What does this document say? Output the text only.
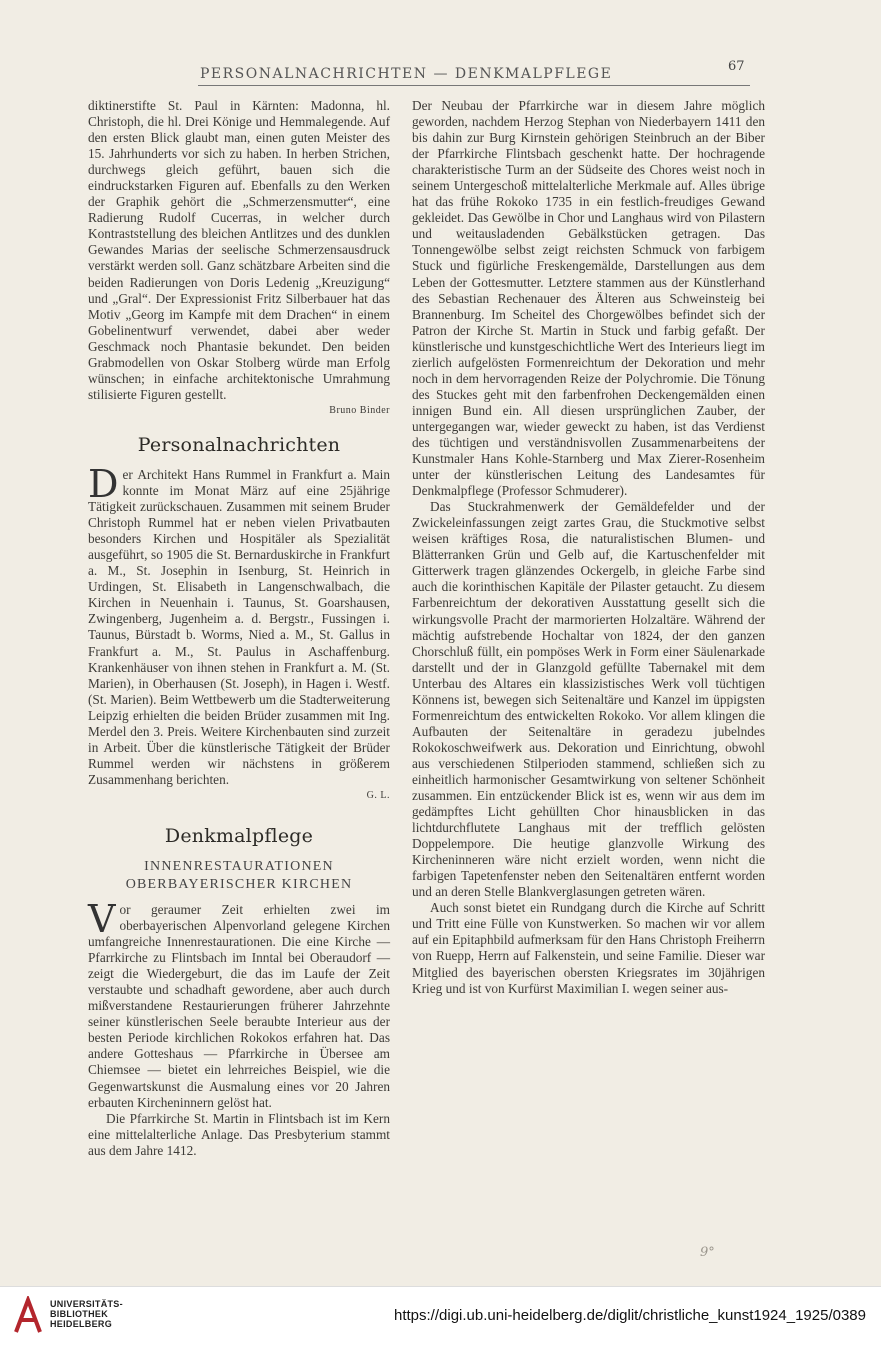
PERSONALNACHRICHTEN — DENKMALPFLEGE	67

diktinerstifte St. Paul in Kärnten: Madonna, hl. Christoph, die hl. Drei Könige und Hemmalegende. Auf den ersten Blick glaubt man, einen guten Meister des 15. Jahrhunderts vor sich zu haben. In herben Strichen, durchwegs gleich geführt, bauen sich die eindruckstarken Figuren auf. Ebenfalls zu den Werken der Graphik gehört die „Schmerzensmutter“, eine Radierung Rudolf Cucerras, in welcher durch Kontraststellung des bleichen Antlitzes und des dunklen Gewandes Marias der seelische Schmerzensausdruck verstärkt werden soll. Ganz schätzbare Arbeiten sind die beiden Radierungen von Doris Ledenig „Kreuzigung“ und „Gral“. Der Expressionist Fritz Silberbauer hat das Motiv „Georg im Kampfe mit dem Drachen“ in einem Gobelinentwurf verwendet, dabei aber weder Geschmack noch Phantasie bekundet. Den beiden Grabmodellen von Oskar Stolberg würde man Erfolg wünschen; in einfache architektonische Umrahmung stilisierte Figuren gestellt.

Bruno Binder

Personalnachrichten

Der Architekt Hans Rummel in Frankfurt a. Main konnte im Monat März auf eine 25jährige Tätigkeit zurückschauen. Zusammen mit seinem Bruder Christoph Rummel hat er neben vielen Privatbauten besonders Kirchen und Hospitäler als Spezialität ausgeführt, so 1905 die St. Bernarduskirche in Frankfurt a. M., St. Josephin in Isenburg, St. Heinrich in Urdingen, St. Elisabeth in Langenschwalbach, die Kirchen in Neuenhain i. Taunus, St. Goarshausen, Zwingenberg, Jugenheim a. d. Bergstr., Fussingen i. Taunus, Bürstadt b. Worms, Nied a. M., St. Gallus in Frankfurt a. M., St. Paulus in Aschaffenburg. Krankenhäuser von ihnen stehen in Frankfurt a. M. (St. Marien), in Oberhausen (St. Joseph), in Hagen i. Westf. (St. Marien). Beim Wettbewerb um die Stadterweiterung Leipzig erhielten die beiden Brüder zusammen mit Ing. Merdel den 3. Preis. Weitere Kirchenbauten sind zurzeit in Arbeit. Über die künstlerische Tätigkeit der Brüder Rummel werden wir nächstens in größerem Zusammenhang berichten.

G. L.

Denkmalpflege
INNENRESTAURATIONEN OBERBAYERISCHER KIRCHEN

Vor geraumer Zeit erhielten zwei im oberbayerischen Alpenvorland gelegene Kirchen umfangreiche Innenrestaurationen. Die eine Kirche — Pfarrkirche zu Flintsbach im Inntal bei Oberaudorf — zeigt die Wiedergeburt, die das im Laufe der Zeit verstaubte und schadhaft gewordene, aber auch durch mißverstandene Restaurierungen früherer Jahrzehnte seiner künstlerischen Seele beraubte Interieur aus der besten Periode kirchlichen Rokokos erfahren hat. Das andere Gotteshaus — Pfarrkirche in Übersee am Chiemsee — bietet ein lehrreiches Beispiel, wie die Gegenwartskunst die Ausmalung eines vor 20 Jahren erbauten Kircheninnern gelöst hat.

Die Pfarrkirche St. Martin in Flintsbach ist im Kern eine mittelalterliche Anlage. Das Presbyterium stammt aus dem Jahre 1412.

Der Neubau der Pfarrkirche war in diesem Jahre möglich geworden, nachdem Herzog Stephan von Niederbayern 1411 den bis dahin zur Burg Kirnstein gehörigen Steinbruch an der Biber der Pfarrkirche Flintsbach geschenkt hatte. Der hochragende charakteristische Turm an der Südseite des Chores weist noch in seinem Untergeschoß mittelalterliche Merkmale auf. Alles übrige hat das frühe Rokoko 1735 in ein festlich-freudiges Gewand gekleidet. Das Gewölbe in Chor und Langhaus wird von Pilastern und weitausladenden Gebälkstücken getragen. Das Tonnengewölbe selbst zeigt reichsten Schmuck von farbigem Stuck und figürliche Freskengemälde, Darstellungen aus dem Leben der Gottesmutter. Letztere stammen aus der Künstlerhand des Sebastian Rechenauer des Älteren aus Schweinsteig bei Brannenburg. Im Scheitel des Chorgewölbes befindet sich der Patron der Kirche St. Martin in Stuck und farbig gefaßt. Der künstlerische und kunstgeschichtliche Wert des Interieurs liegt im zierlich aufgelösten Formenreichtum der Dekoration und mehr noch in dem hervorragenden Reize der Polychromie. Die Tönung des Stuckes geht mit den farbenfrohen Deckengemälden einen innigen Bund ein. All diesen ursprünglichen Zauber, der untergegangen war, wieder geweckt zu haben, ist das Verdienst des tüchtigen und verständnisvollen Zusammenarbeitens der Kunstmaler Hans Kohle-Starnberg und Max Zierer-Rosenheim unter der künstlerischen Leitung des Landesamtes für Denkmalpflege (Professor Schmuderer).

Das Stuckrahmenwerk der Gemäldefelder und der Zwickeleinfassungen zeigt zartes Grau, die Stuckmotive selbst weisen kräftiges Rosa, die naturalistischen Blumen- und Blätterranken Grün und Gelb auf, die Kartuschenfelder mit Gitterwerk tragen glänzendes Ockergelb, in gleiche Farbe sind auch die korinthischen Kapitäle der Pilaster getaucht. Zu diesem Farbenreichtum der dekorativen Ausstattung gesellt sich die wirkungsvolle Pracht der marmorierten Holzaltäre. Während der mächtig aufstrebende Hochaltar von 1824, der den ganzen Chorschluß füllt, ein pompöses Werk in Form einer Säulenarkade darstellt und der in Glanzgold gefüllte Tabernakel mit dem Unterbau des Altares ein klassizistisches Werk voll tüchtigen Könnens ist, bewegen sich Seitenaltäre und Kanzel im üppigsten Formenreichtum des entwickelten Rokoko. Vor allem klingen die Aufbauten der Seitenaltäre in geradezu jubelndes Rokokoschweifwerk aus. Dekoration und Einrichtung, obwohl aus verschiedenen Stilperioden stammend, schließen sich zu einheitlich harmonischer Gesamtwirkung von seltener Schönheit zusammen. Ein entzückender Blick ist es, wenn wir aus dem im gedämpftes Licht gehüllten Chor hinausblicken in das lichtdurchflutete Langhaus mit der trefflich gelösten Doppelempore. Die heutige glanzvolle Wirkung des Kircheninneren wäre nicht erzielt worden, wenn nicht die farbigen Tapetenfenster neben den Seitenaltären entfernt worden und an deren Stelle Blankverglasungen getreten wären.

Auch sonst bietet ein Rundgang durch die Kirche auf Schritt und Tritt eine Fülle von Kunstwerken. So machen wir vor allem auf ein Epitaphbild aufmerksam für den Hans Christoph Freiherrn von Ruepp, Herrn auf Falkenstein, und seine Familie. Dieser war Mitglied des bayerischen obersten Kriegsrates im 30jährigen Krieg und ist von Kurfürst Maximilian I. wegen seiner aus-

9°
UNIVERSITÄTS-
BIBLIOTHEK
HEIDELBERG	https://digi.ub.uni-heidelberg.de/diglit/christliche_kunst1924_1925/0389
